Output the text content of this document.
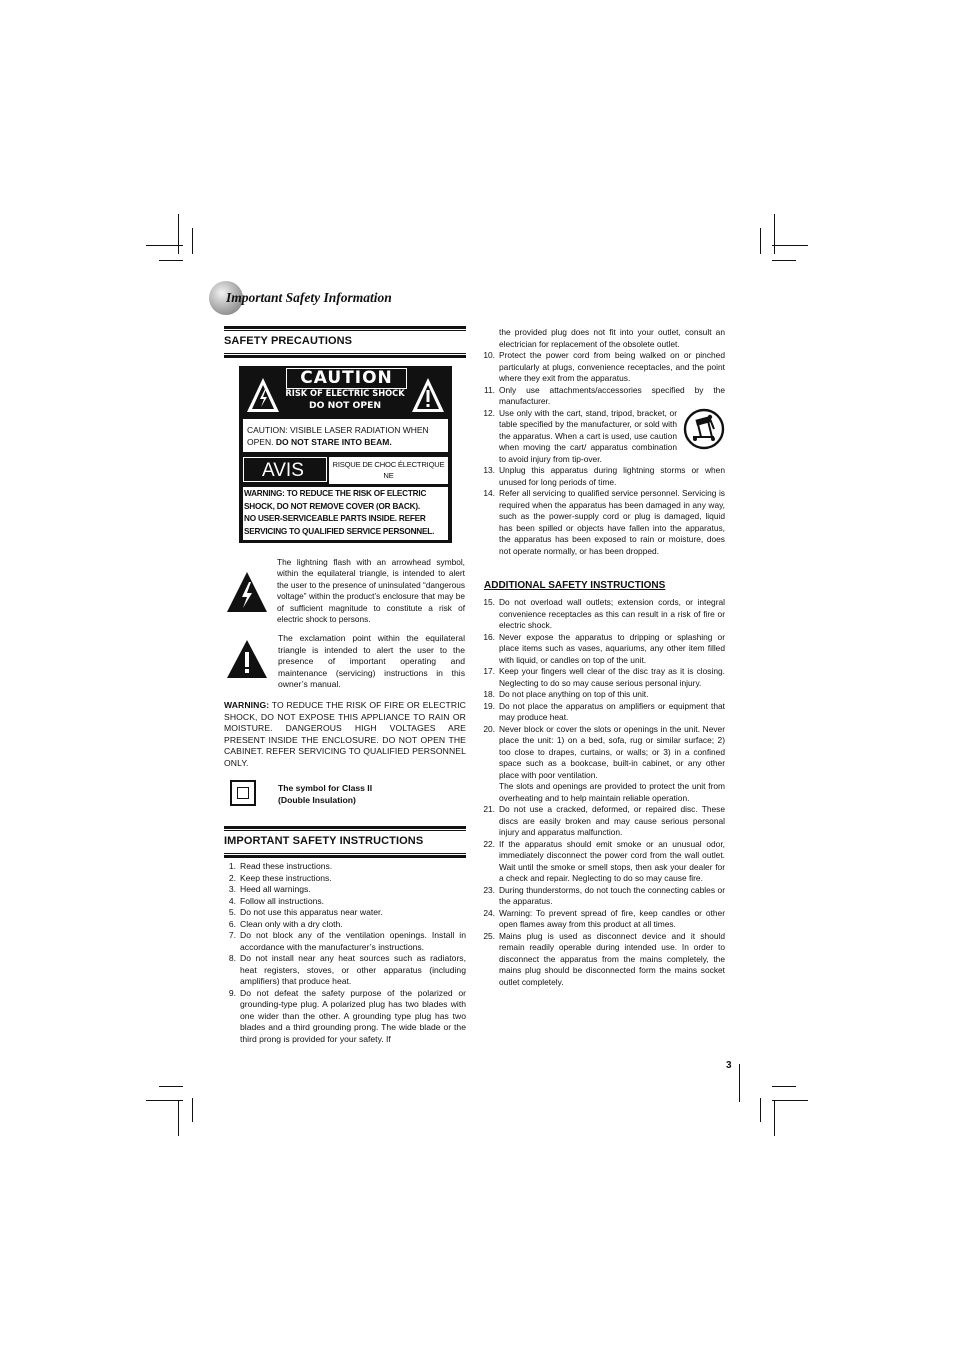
Important Safety Information
SAFETY PRECAUTIONS
CAUTION
RISK OF ELECTRIC SHOCK
DO NOT OPEN
CAUTION: VISIBLE LASER RADIATION WHEN OPEN. DO NOT STARE INTO BEAM.
AVIS	RISQUE DE CHOC ÉLECTRIQUE NE
WARNING: TO REDUCE THE RISK OF ELECTRIC
SHOCK, DO NOT REMOVE COVER (OR BACK).
NO USER-SERVICEABLE PARTS INSIDE. REFER
SERVICING TO QUALIFIED SERVICE PERSONNEL.
The lightning flash with an arrowhead symbol, within the equilateral triangle, is intended to alert the user to the presence of uninsulated “dangerous voltage” within the product’s enclosure that may be of sufficient magnitude to constitute a risk of electric shock to persons.
The exclamation point within the equilateral triangle is intended to alert the user to the presence of important operating and maintenance (servicing) instructions in this owner’s manual.
WARNING: TO REDUCE THE RISK OF FIRE OR ELECTRIC SHOCK, DO NOT EXPOSE THIS APPLIANCE TO RAIN OR MOISTURE. DANGEROUS HIGH VOLTAGES ARE PRESENT INSIDE THE ENCLOSURE. DO NOT OPEN THE CABINET. REFER SERVICING TO QUALIFIED PERSONNEL ONLY.
The symbol for Class II
(Double Insulation)
IMPORTANT SAFETY INSTRUCTIONS
1. Read these instructions.
2. Keep these instructions.
3. Heed all warnings.
4. Follow all instructions.
5. Do not use this apparatus near water.
6. Clean only with a dry cloth.
7. Do not block any of the ventilation openings. Install in accordance with the manufacturer’s instructions.
8. Do not install near any heat sources such as radiators, heat registers, stoves, or other apparatus (including amplifiers) that produce heat.
9. Do not defeat the safety purpose of the polarized or grounding-type plug. A polarized plug has two blades with one wider than the other. A grounding type plug has two blades and a third grounding prong. The wide blade or the third prong is provided for your safety. If
the provided plug does not fit into your outlet, consult an electrician for replacement of the obsolete outlet.
10. Protect the power cord from being walked on or pinched particularly at plugs, convenience receptacles, and the point where they exit from the apparatus.
11. Only use attachments/accessories specified by the manufacturer.
12. Use only with the cart, stand, tripod, bracket, or table specified by the manufacturer, or sold with the apparatus. When a cart is used, use caution when moving the cart/ apparatus combination to avoid injury from tip-over.
13. Unplug this apparatus during lightning storms or when unused for long periods of time.
14. Refer all servicing to qualified service personnel. Servicing is required when the apparatus has been damaged in any way, such as the power-supply cord or plug is damaged, liquid has been spilled or objects have fallen into the apparatus, the apparatus has been exposed to rain or moisture, does not operate normally, or has been dropped.
ADDITIONAL SAFETY INSTRUCTIONS
15. Do not overload wall outlets; extension cords, or integral convenience receptacles as this can result in a risk of fire or electric shock.
16. Never expose the apparatus to dripping or splashing or place items such as vases, aquariums, any other item filled with liquid, or candles on top of the unit.
17. Keep your fingers well clear of the disc tray as it is closing. Neglecting to do so may cause serious personal injury.
18. Do not place anything on top of this unit.
19. Do not place the apparatus on amplifiers or equipment that may produce heat.
20. Never block or cover the slots or openings in the unit. Never place the unit: 1) on a bed, sofa, rug or similar surface; 2) too close to drapes, curtains, or walls; or 3) in a confined space such as a bookcase, built-in cabinet, or any other place with poor ventilation.
The slots and openings are provided to protect the unit from overheating and to help maintain reliable operation.
21. Do not use a cracked, deformed, or repaired disc. These discs are easily broken and may cause serious personal injury and apparatus malfunction.
22. If the apparatus should emit smoke or an unusual odor, immediately disconnect the power cord from the wall outlet. Wait until the smoke or smell stops, then ask your dealer for a check and repair. Neglecting to do so may cause fire.
23. During thunderstorms, do not touch the connecting cables or the apparatus.
24. Warning: To prevent spread of fire, keep candles or other open flames away from this product at all times.
25. Mains plug is used as disconnect device and it should remain readily operable during intended use. In order to disconnect the apparatus from the mains completely, the mains plug should be disconnected form the mains socket outlet completely.
3
